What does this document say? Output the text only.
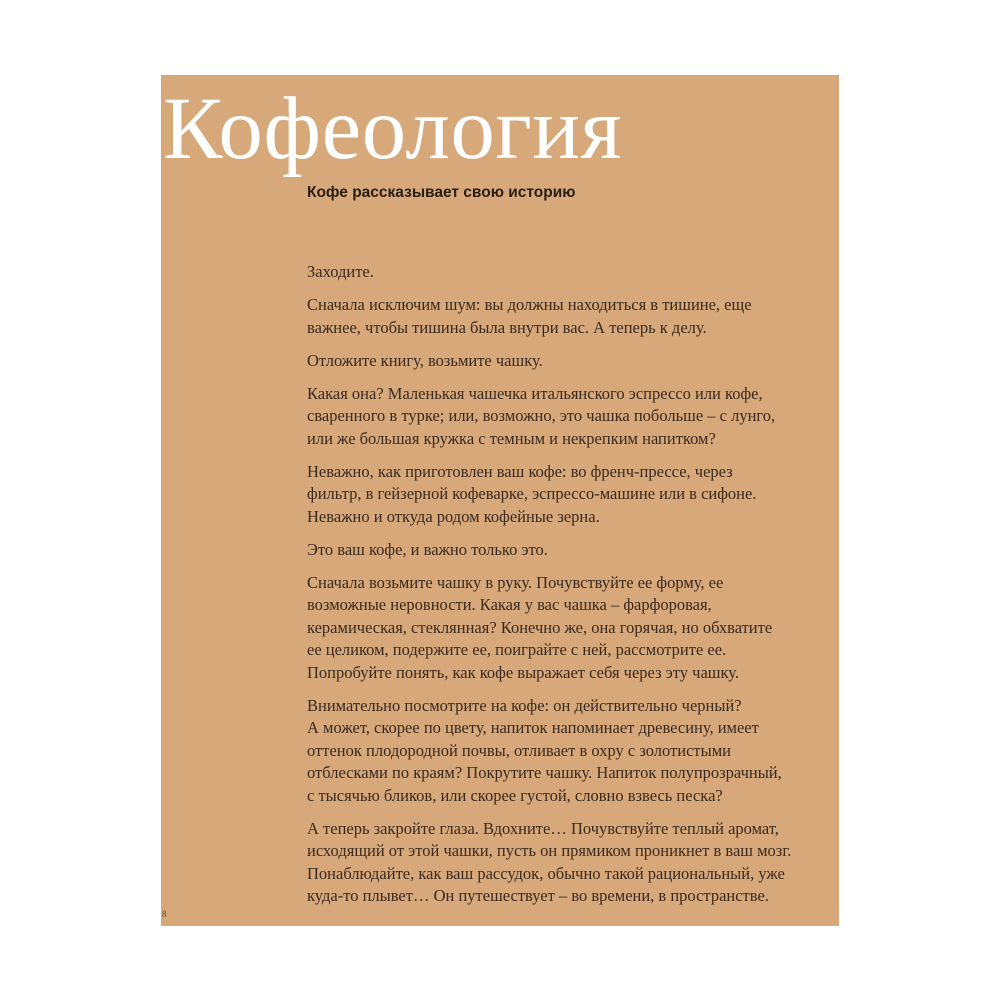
Кофеология
Кофе рассказывает свою историю

Заходите.

Сначала исключим шум: вы должны находиться в тишине, еще
важнее, чтобы тишина была внутри вас. А теперь к делу.

Отложите книгу, возьмите чашку.

Какая она? Маленькая чашечка итальянского эспрессо или кофе,
сваренного в турке; или, возможно, это чашка побольше – с лунго,
или же большая кружка с темным и некрепким напитком?

Неважно, как приготовлен ваш кофе: во френч-прессе, через
фильтр, в гейзерной кофеварке, эспрессо-машине или в сифоне.
Неважно и откуда родом кофейные зерна.

Это ваш кофе, и важно только это.

Сначала возьмите чашку в руку. Почувствуйте ее форму, ее
возможные неровности. Какая у вас чашка – фарфоровая,
керамическая, стеклянная? Конечно же, она горячая, но обхватите
ее целиком, подержите ее, поиграйте с ней, рассмотрите ее.
Попробуйте понять, как кофе выражает себя через эту чашку.

Внимательно посмотрите на кофе: он действительно черный?
А может, скорее по цвету, напиток напоминает древесину, имеет
оттенок плодородной почвы, отливает в охру с золотистыми
отблесками по краям? Покрутите чашку. Напиток полупрозрачный,
с тысячью бликов, или скорее густой, словно взвесь песка?

А теперь закройте глаза. Вдохните… Почувствуйте теплый аромат,
исходящий от этой чашки, пусть он прямиком проникнет в ваш мозг.
Понаблюдайте, как ваш рассудок, обычно такой рациональный, уже
куда-то плывет… Он путешествует – во времени, в пространстве.

8
